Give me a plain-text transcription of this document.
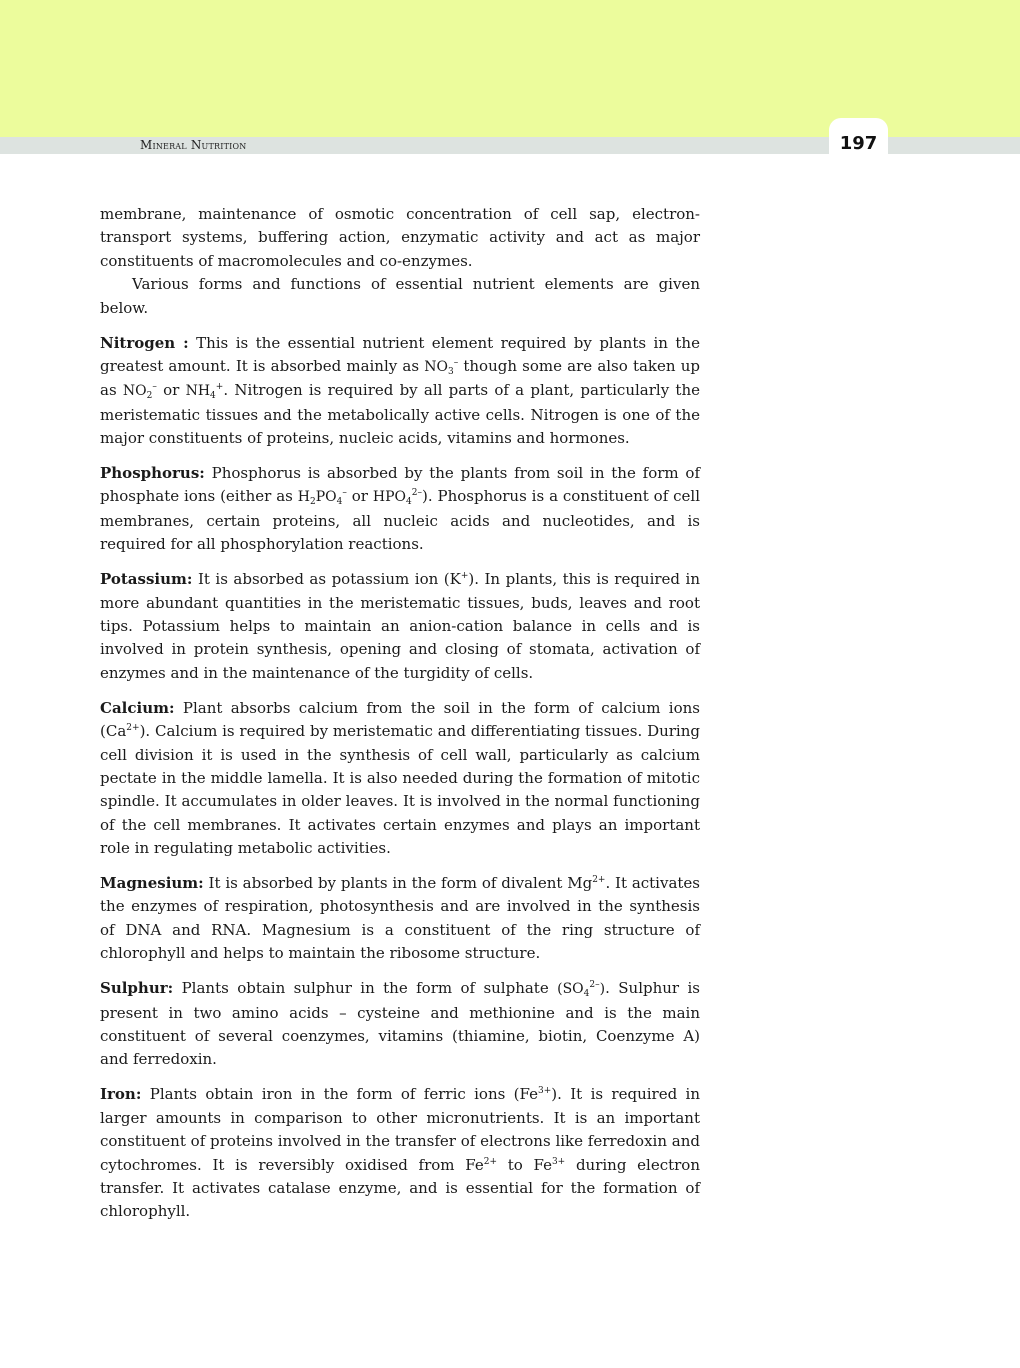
Mineral Nutrition	197

membrane, maintenance of osmotic concentration of cell sap, electron-transport systems, buffering action, enzymatic activity and act as major constituents of macromolecules and co-enzymes.

Various forms and functions of essential nutrient elements are given below.

Nitrogen : This is the essential nutrient element required by plants in the greatest amount. It is absorbed mainly as $NO_3^-$ though some are also taken up as $NO_2^-$ or $NH_4^+$. Nitrogen is required by all parts of a plant, particularly the meristematic tissues and the metabolically active cells. Nitrogen is one of the major constituents of proteins, nucleic acids, vitamins and hormones.

Phosphorus: Phosphorus is absorbed by the plants from soil in the form of phosphate ions (either as $H_2PO_4^-$ or $HPO_4^{2-}$). Phosphorus is a constituent of cell membranes, certain proteins, all nucleic acids and nucleotides, and is required for all phosphorylation reactions.

Potassium: It is absorbed as potassium ion (K+). In plants, this is required in more abundant quantities in the meristematic tissues, buds, leaves and root tips. Potassium helps to maintain an anion-cation balance in cells and is involved in protein synthesis, opening and closing of stomata, activation of enzymes and in the maintenance of the turgidity of cells.

Calcium: Plant absorbs calcium from the soil in the form of calcium ions $(Ca^{2+})$. Calcium is required by meristematic and differentiating tissues. During cell division it is used in the synthesis of cell wall, particularly as calcium pectate in the middle lamella. It is also needed during the formation of mitotic spindle. It accumulates in older leaves. It is involved in the normal functioning of the cell membranes. It activates certain enzymes and plays an important role in regulating metabolic activities.

Magnesium: It is absorbed by plants in the form of divalent $Mg^{2+}$. It activates the enzymes of respiration, photosynthesis and are involved in the synthesis of DNA and RNA. Magnesium is a constituent of the ring structure of chlorophyll and helps to maintain the ribosome structure.

Sulphur: Plants obtain sulphur in the form of sulphate $(SO_4^{2-})$. Sulphur is present in two amino acids – cysteine and methionine and is the main constituent of several coenzymes, vitamins (thiamine, biotin, Coenzyme A) and ferredoxin.

Iron: Plants obtain iron in the form of ferric ions $(Fe^{3+})$. It is required in larger amounts in comparison to other micronutrients. It is an important constituent of proteins involved in the transfer of electrons like ferredoxin and cytochromes. It is reversibly oxidised from $Fe^{2+}$ to $Fe^{3+}$ during electron transfer. It activates catalase enzyme, and is essential for the formation of chlorophyll.
